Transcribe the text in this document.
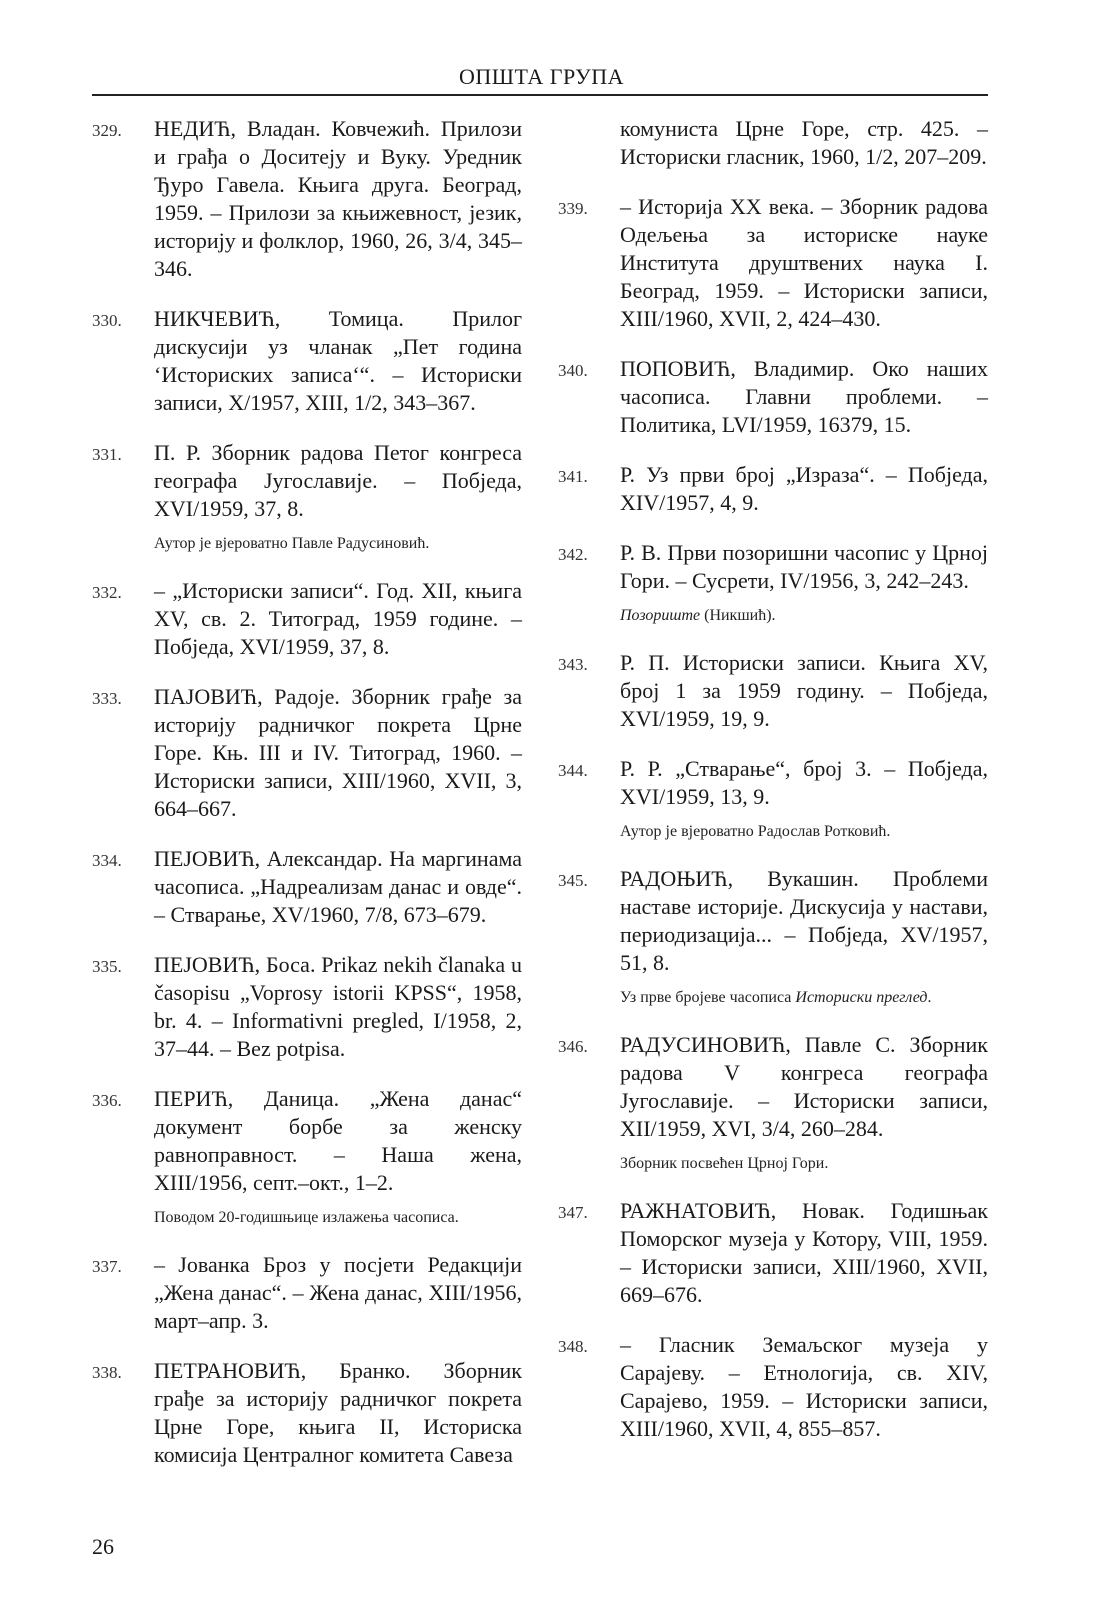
ОПШТА ГРУПА
329. НЕДИЋ, Владан. Ковчежић. Прилози и грађа о Доситеју и Вуку. Уредник Ђуро Гавела. Књига друга. Београд, 1959. – Прилози за књижевност, језик, историју и фолклор, 1960, 26, 3/4, 345–346.
330. НИКЧЕВИЋ, Томица. Прилог дискусији уз чланак „Пет година ‘Историских записа‘“. – Историски записи, X/1957, XIII, 1/2, 343–367.
331. П. Р. Зборник радова Петог конгреса географа Југославије. – Побједа, XVI/1959, 37, 8.
Аутор је вјероватно Павле Радусиновић.
332. – „Историски записи“. Год. XII, књига XV, св. 2. Титоград, 1959 године. – Побједа, XVI/1959, 37, 8.
333. ПАЈОВИЋ, Радоје. Зборник грађе за историју радничког покрета Црне Горе. Књ. III и IV. Титоград, 1960. – Историски записи, XIII/1960, XVII, 3, 664–667.
334. ПЕЈОВИЋ, Александар. На маргинама часописа. „Надреализам данас и овде“. – Стварање, XV/1960, 7/8, 673–679.
335. ПЕЈОВИЋ, Боса. Prikaz nekih članaka u časopisu „Voprosy istorii KPSS“, 1958, br. 4. – Informativni pregled, I/1958, 2, 37–44. – Bez potpisa.
336. ПЕРИЋ, Даница. „Жена данас“ документ борбе за женску равноправност. – Наша жена, XIII/1956, септ.–окт., 1–2.
Поводом 20-годишњице излажења часописа.
337. – Јованка Броз у посјети Редакцији „Жена данас“. – Жена данас, XIII/1956, март–апр. 3.
338. ПЕТРАНОВИЋ, Бранко. Зборник грађе за историју радничког покрета Црне Горе, књига II, Историска комисија Централног комитета Савеза
комуниста Црне Горе, стр. 425. – Историски гласник, 1960, 1/2, 207–209.
339. – Историја XX века. – Зборник радова Одељења за историске науке Института друштвених наука I. Београд, 1959. – Историски записи, XIII/1960, XVII, 2, 424–430.
340. ПОПОВИЋ, Владимир. Око наших часописа. Главни проблеми. – Политика, LVI/1959, 16379, 15.
341. Р. Уз први број „Израза“. – Побједа, XIV/1957, 4, 9.
342. Р. В. Први позоришни часопис у Црној Гори. – Сусрети, IV/1956, 3, 242–243.
Позориште (Никшић).
343. Р. П. Историски записи. Књига XV, број 1 за 1959 годину. – Побједа, XVI/1959, 19, 9.
344. Р. Р. „Стварање“, број 3. – Побједа, XVI/1959, 13, 9.
Аутор је вјероватно Радослав Ротковић.
345. РАДОЊИЋ, Вукашин. Проблеми наставе историје. Дискусија у настави, периодизација... – Побједа, XV/1957, 51, 8.
Уз прве бројеве часописа Историски преглед.
346. РАДУСИНОВИЋ, Павле С. Зборник радова V конгреса географа Југославије. – Историски записи, XII/1959, XVI, 3/4, 260–284.
Зборник посвећен Црној Гори.
347. РАЖНАТОВИЋ, Новак. Годишњак Поморског музеја у Котору, VIII, 1959. – Историски записи, XIII/1960, XVII, 669–676.
348. – Гласник Земаљског музеја у Сарајеву. – Етнологија, св. XIV, Сарајево, 1959. – Историски записи, XIII/1960, XVII, 4, 855–857.
26
